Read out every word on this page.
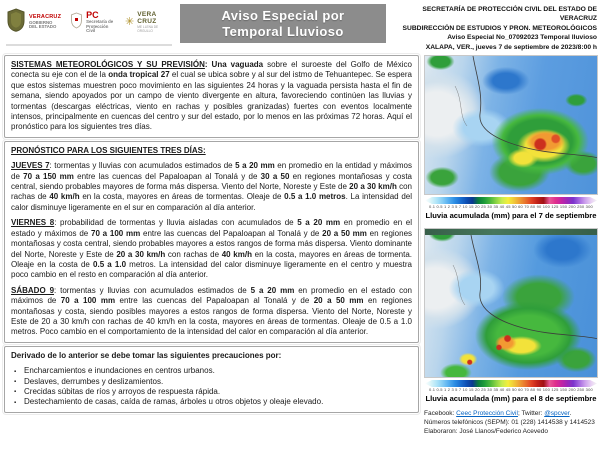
VERACRUZ
GOBIERNO
DEL ESTADO
PC
Secretaría de
Protección Civil
✳
VERA
CRUZ
ME LLENA DE ORGULLO
Aviso Especial por
Temporal Lluvioso
SECRETARÍA DE PROTECCIÓN CIVIL DEL ESTADO DE VERACRUZ
SUBDIRECCIÓN DE ESTUDIOS Y PRON. METEOROLÓGICOS
Aviso Especial No_07092023 Temporal lluvioso
XALAPA, VER., jueves 7 de septiembre de 2023/8:00 h

SISTEMAS METEOROLÓGICOS Y SU PREVISIÓN: Una vaguada sobre el suroeste del Golfo de México conecta su eje con el de la onda tropical 27 el cual se ubica sobre y al sur del istmo de Tehuantepec. Se espera que estos sistemas muestren poco movimiento en las siguientes 24 horas y la vaguada persista hasta el fin de semana, siendo apoyados por un campo de viento divergente en altura, favoreciendo continúen las lluvias y tormentas (descargas eléctricas, viento en rachas y posibles granizadas) fuertes con eventos localmente intensos, principalmente en cuencas del centro y sur del estado, por lo menos en las próximas 72 horas. Aquí el pronóstico para los siguientes tres días.

PRONÓSTICO PARA LOS SIGUIENTES TRES DÍAS:

JUEVES 7: tormentas y lluvias con acumulados estimados de 5 a 20 mm en promedio en la entidad y máximos de 70 a 150 mm entre las cuencas del Papaloapan al Tonalá y de 30 a 50 en regiones montañosas y costa central, siendo probables mayores de forma más dispersa. Viento del Norte, Noreste y Este de 20 a 30 km/h con rachas de 40 km/h en la costa, mayores en áreas de tormentas. Oleaje de 0.5 a 1.0 metros. La intensidad del calor disminuye ligeramente en el sur en comparación al día anterior.

VIERNES 8: probabilidad de tormentas y lluvia aisladas con acumulados de 5 a 20 mm en promedio en el estado y máximos de 70 a 100 mm entre las cuencas del Papaloapan al Tonalá y de 20 a 50 mm en regiones montañosas y costa central, siendo probables mayores a estos rangos de forma más dispersa. Viento dominante del Norte, Noreste y Este de 20 a 30 km/h con rachas de 40 km/h en la costa, mayores en áreas de tormenta. Oleaje en la costa de 0.5 a 1.0 metros. La intensidad del calor disminuye ligeramente en el centro y muestra poco cambio en el resto en comparación al día anterior.

SÁBADO 9: tormentas y lluvias con acumulados estimados de 5 a 20 mm en promedio en el estado con máximos de 70 a 100 mm entre las cuencas del Papaloapan al Tonalá y de 20 a 50 mm en regiones montañosas y costa, siendo posibles mayores a estos rangos de forma dispersa. Viento del Norte, Noreste y Este de 20 a 30 km/h con rachas de 40 km/h en la costa, mayores en áreas de tormentas. Oleaje de 0.5 a 1.0 metros. Poco cambio en el comportamiento de la intensidad del calor en comparación al día anterior.

Derivado de lo anterior se debe tomar las siguientes precauciones por:

▪ Encharcamientos e inundaciones en centros urbanos.
▪ Deslaves, derrumbes y deslizamientos.
▪ Crecidas súbitas de ríos y arroyos de respuesta rápida.
▪ Destechamiento de casas, caída de ramas, árboles u otros objetos y oleaje elevado.
0.1 0.5 1 2 3 5 7 10 15 20 25 30 35 40 45 50 60 70 80 90 100 125 150 200 250 300
Lluvia acumulada (mm) para el 7 de septiembre
0.1 0.5 1 2 3 5 7 10 15 20 25 30 35 40 45 50 60 70 80 90 100 125 150 200 250 300
Lluvia acumulada (mm) para el 8 de septiembre
Facebook: Ceec Protección Civil; Twitter: @spcver.
Números telefónicos (SEPM): 01 (228) 1414538 y 1414523
Elaboraron: José Llanos/Federico Acevedo
